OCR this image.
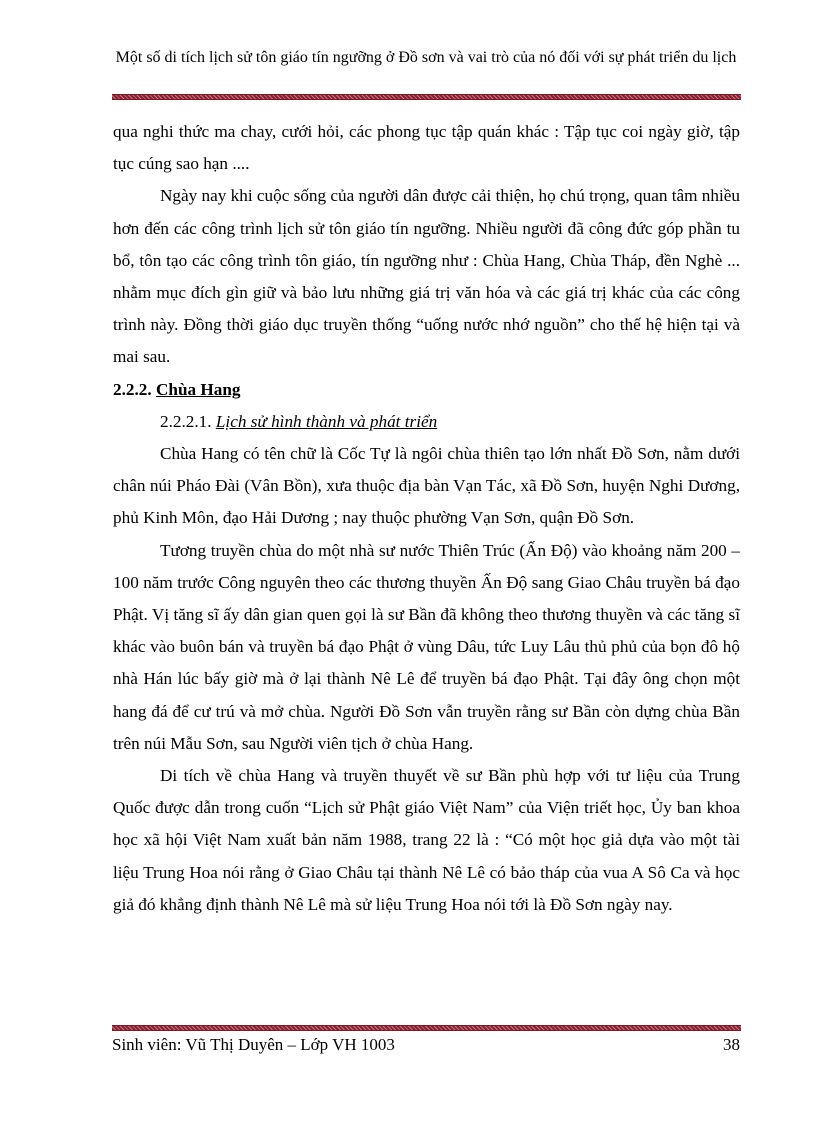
Một số di tích lịch sử tôn giáo tín ngưỡng ở Đồ sơn và vai trò của nó đối với sự phát triển du lịch

qua nghi thức ma chay, cưới hỏi, các phong tục tập quán khác : Tập tục coi ngày giờ, tập tục cúng sao hạn ....

Ngày nay khi cuộc sống của người dân được cải thiện, họ chú trọng, quan tâm nhiều hơn đến các công trình lịch sử tôn giáo tín ngưỡng. Nhiều người đã công đức góp phần tu bổ, tôn tạo các công trình tôn giáo, tín ngưỡng như : Chùa Hang, Chùa Tháp, đền Nghè ... nhằm mục đích gìn giữ và bảo lưu những giá trị văn hóa và các giá trị khác của các công trình này. Đồng thời giáo dục truyền thống “uống nước nhớ nguồn” cho thế hệ hiện tại và mai sau.

2.2.2. Chùa Hang

2.2.2.1. Lịch sử hình thành và phát triển

Chùa Hang có tên chữ là Cốc Tự là ngôi chùa thiên tạo lớn nhất Đồ Sơn, nằm dưới chân núi Pháo Đài (Vân Bồn), xưa thuộc địa bàn Vạn Tác, xã Đồ Sơn, huyện Nghi Dương, phủ Kinh Môn, đạo Hải Dương ; nay thuộc phường Vạn Sơn, quận Đồ Sơn.

Tương truyền chùa do một nhà sư nước Thiên Trúc (Ấn Độ) vào khoảng năm 200 – 100 năm trước Công nguyên theo các thương thuyền Ấn Độ sang Giao Châu truyền bá đạo Phật. Vị tăng sĩ ấy dân gian quen gọi là sư Bần đã không theo thương thuyền và các tăng sĩ khác vào buôn bán và truyền bá đạo Phật ở vùng Dâu, tức Luy Lâu thủ phủ của bọn đô hộ nhà Hán lúc bấy giờ mà ở lại thành Nê Lê để truyền bá đạo Phật. Tại đây ông chọn một hang đá để cư trú và mở chùa. Người Đồ Sơn vẫn truyền rằng sư Bần còn dựng chùa Bần trên núi Mẫu Sơn, sau Người viên tịch ở chùa Hang.

Di tích về chùa Hang và truyền thuyết về sư Bần phù hợp với tư liệu của Trung Quốc được dẫn trong cuốn “Lịch sử Phật giáo Việt Nam” của Viện triết học, Ủy ban khoa học xã hội Việt Nam xuất bản năm 1988, trang 22 là : “Có một học giả dựa vào một tài liệu Trung Hoa nói rằng ở Giao Châu tại thành Nê Lê có bảo tháp của vua A Sô Ca và học giả đó khẳng định thành Nê Lê mà sử liệu Trung Hoa nói tới là Đồ Sơn ngày nay.

Sinh viên: Vũ Thị Duyên – Lớp VH 1003	38
